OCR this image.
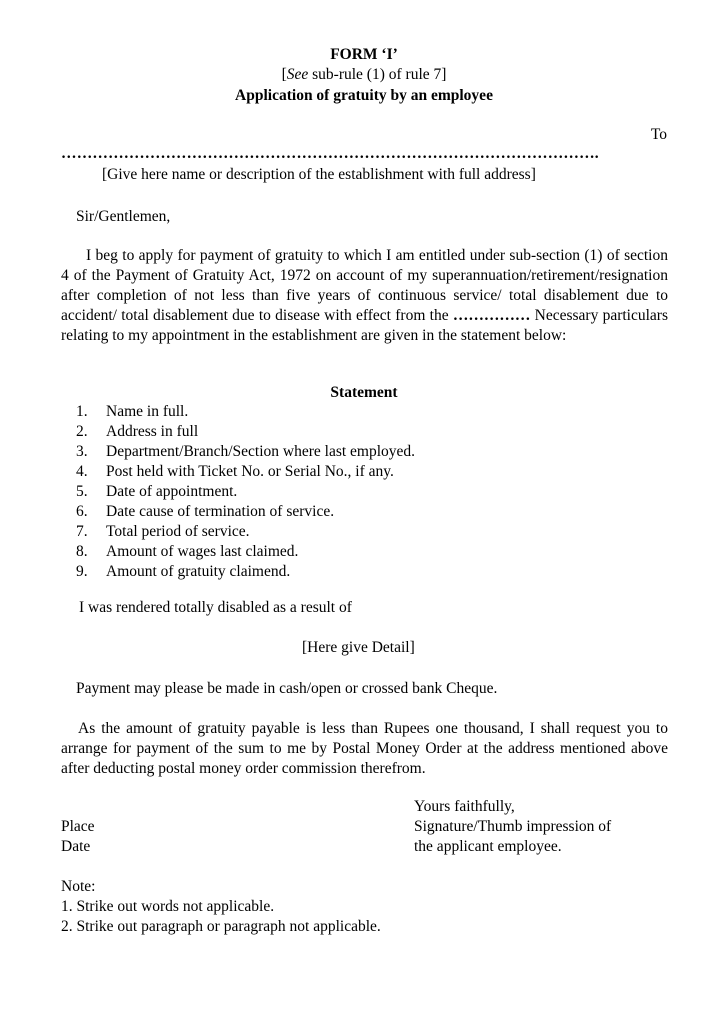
FORM ‘I’
[See sub-rule (1) of rule 7]
Application of gratuity by an employee
To
………………………………………………………………………………………….
[Give here name or description of the establishment with full address]
Sir/Gentlemen,
I beg to apply for payment of gratuity to which I am entitled under sub-section (1) of section 4 of the Payment of Gratuity Act, 1972 on account of my superannuation/retirement/resignation after completion of not less than five years of continuous service/ total disablement due to accident/ total disablement due to disease with effect from the …………… Necessary particulars relating to my appointment in the establishment are given in the statement below:
Statement
1. Name in full.
2. Address in full
3. Department/Branch/Section where last employed.
4. Post held with Ticket No. or Serial No., if any.
5. Date of appointment.
6. Date cause of termination of service.
7. Total period of service.
8. Amount of wages last claimed.
9. Amount of gratuity claimend.
I was rendered totally disabled as a result of
[Here give Detail]
Payment may please be made in cash/open or crossed bank Cheque.
As the amount of gratuity payable is less than Rupees one thousand, I shall request you to arrange for payment of the sum to me by Postal Money Order at the address mentioned above after deducting postal money order commission therefrom.
Yours faithfully,
Place	Signature/Thumb impression of
Date	the applicant employee.
Note:
1. Strike out words not applicable.
2. Strike out paragraph or paragraph not applicable.
